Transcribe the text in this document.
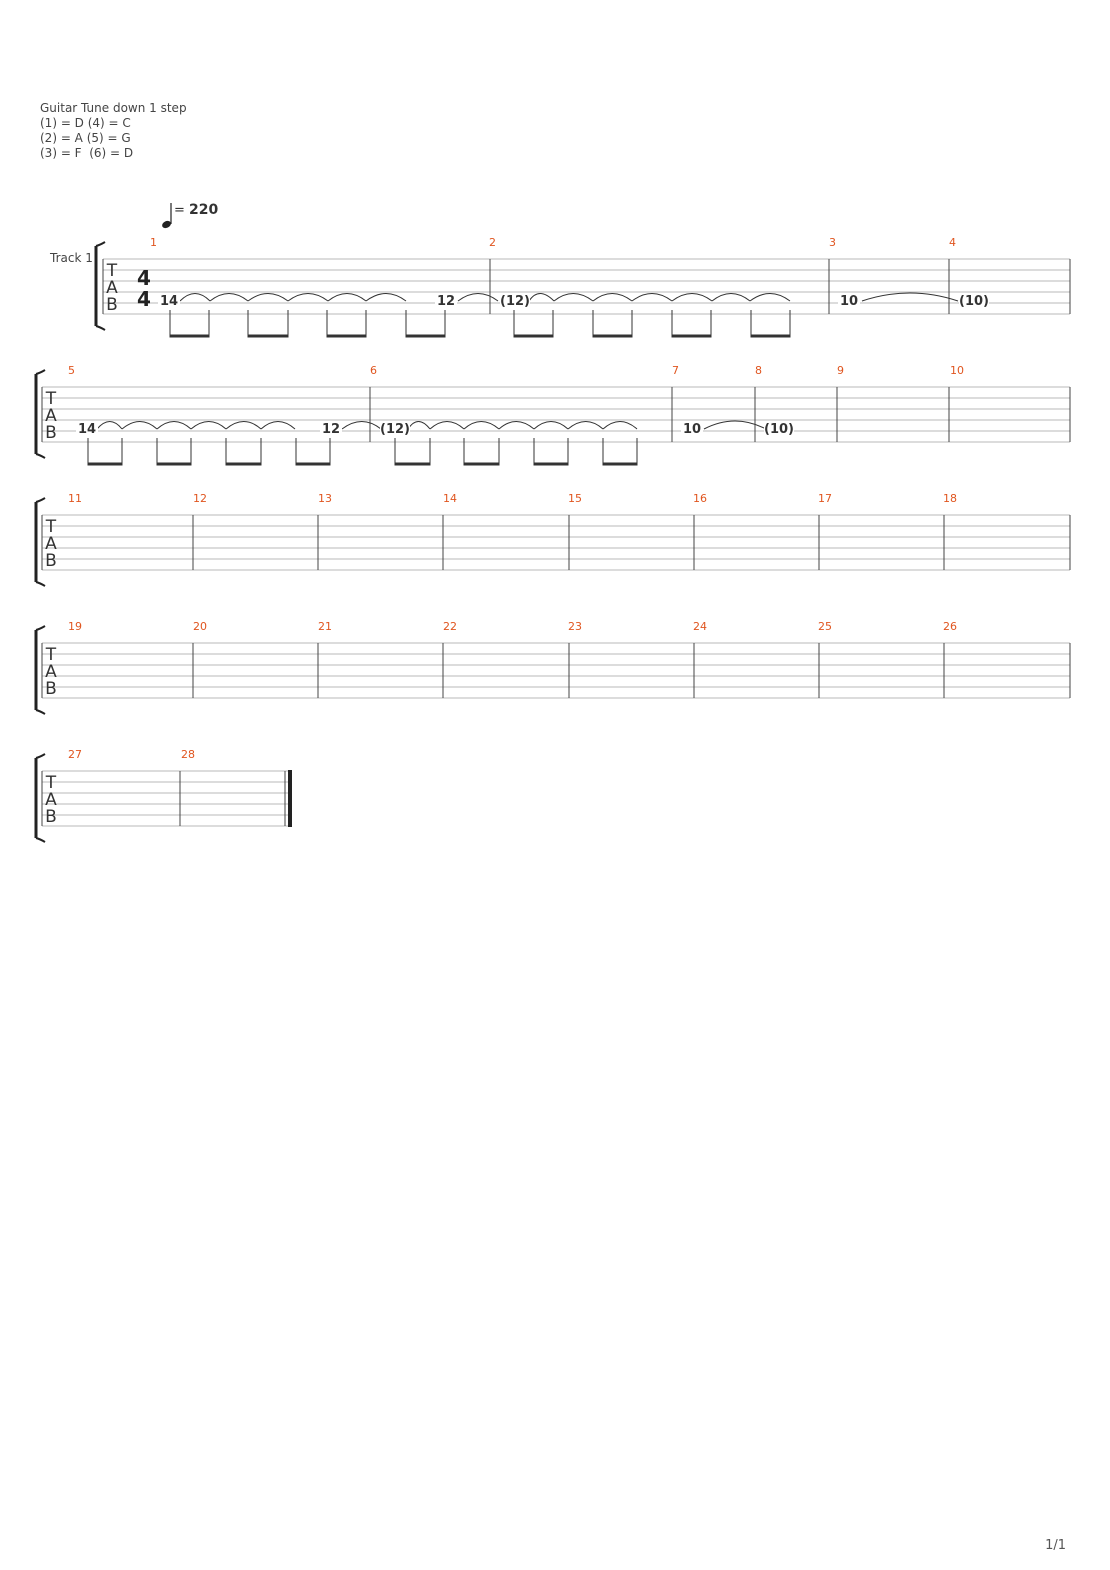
Guitar Tune down 1 step
(1) = D (4) = C
(2) = A (5) = G
(3) = F  (6) = D
= 220
Track 1
T
A
B
4
4
1	2	3	4
14	12	(12)	10	(10)
T
A
B
5	6	7	8	9	10
14	12	(12)	10	(10)
T
A
B
11	12	13	14	15	16	17	18
T
A
B
19	20	21	22	23	24	25	26
T
A
B
27	28
1/1
